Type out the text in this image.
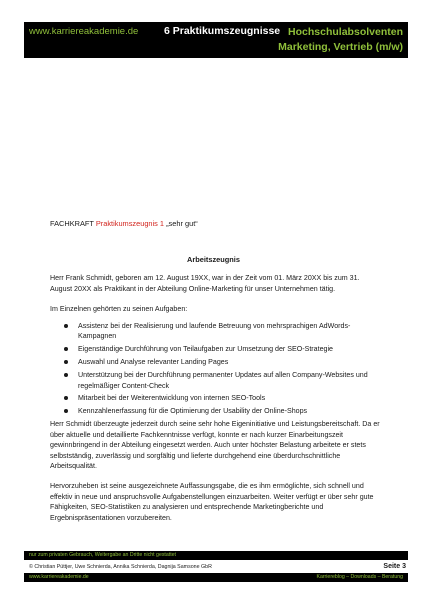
www.karriereakademie.de 6 Praktikumszeugnisse Hochschulabsolventen
Marketing, Vertrieb (m/w)
FACHKRAFT Praktikumszeugnis 1 „sehr gut“
Arbeitszeugnis

Herr Frank Schmidt, geboren am 12. August 19XX, war in der Zeit vom 01. März 20XX bis zum 31. August 20XX als Praktikant in der Abteilung Online-Marketing für unser Unternehmen tätig.

Im Einzelnen gehörten zu seinen Aufgaben:

Assistenz bei der Realisierung und laufende Betreuung von mehrsprachigen AdWords-Kampagnen
Eigenständige Durchführung von Teilaufgaben zur Umsetzung der SEO-Strategie
Auswahl und Analyse relevanter Landing Pages
Unterstützung bei der Durchführung permanenter Updates auf allen Company-Websites und regelmäßiger Content-Check
Mitarbeit bei der Weiterentwicklung von internen SEO-Tools
Kennzahlenerfassung für die Optimierung der Usability der Online-Shops

Herr Schmidt überzeugte jederzeit durch seine sehr hohe Eigeninitiative und Leistungsbereitschaft. Da er über aktuelle und detaillierte Fachkenntnisse verfügt, konnte er nach kurzer Einarbeitungszeit gewinnbringend in der Abteilung eingesetzt werden. Auch unter höchster Belastung arbeitete er stets selbstständig, zuverlässig und sorgfältig und lieferte durchgehend eine überdurchschnittliche Arbeitsqualität.

Hervorzuheben ist seine ausgezeichnete Auffassungsgabe, die es ihm ermöglichte, sich schnell und effektiv in neue und anspruchsvolle Aufgabenstellungen einzuarbeiten. Weiter verfügt er über sehr gute Fähigkeiten, SEO-Statistiken zu analysieren und entsprechende Marketingberichte und Ergebnispräsentationen vorzubereiten.

nur zum privaten Gebrauch, Weitergabe an Dritte nicht gestattet
© Christian Püttjer, Uwe Schnierda, Annika Schnierda, Dagnija Samsone GbR	Seite 3
www.karriereakademie.de	Karriereblog – Downloads – Beratung
